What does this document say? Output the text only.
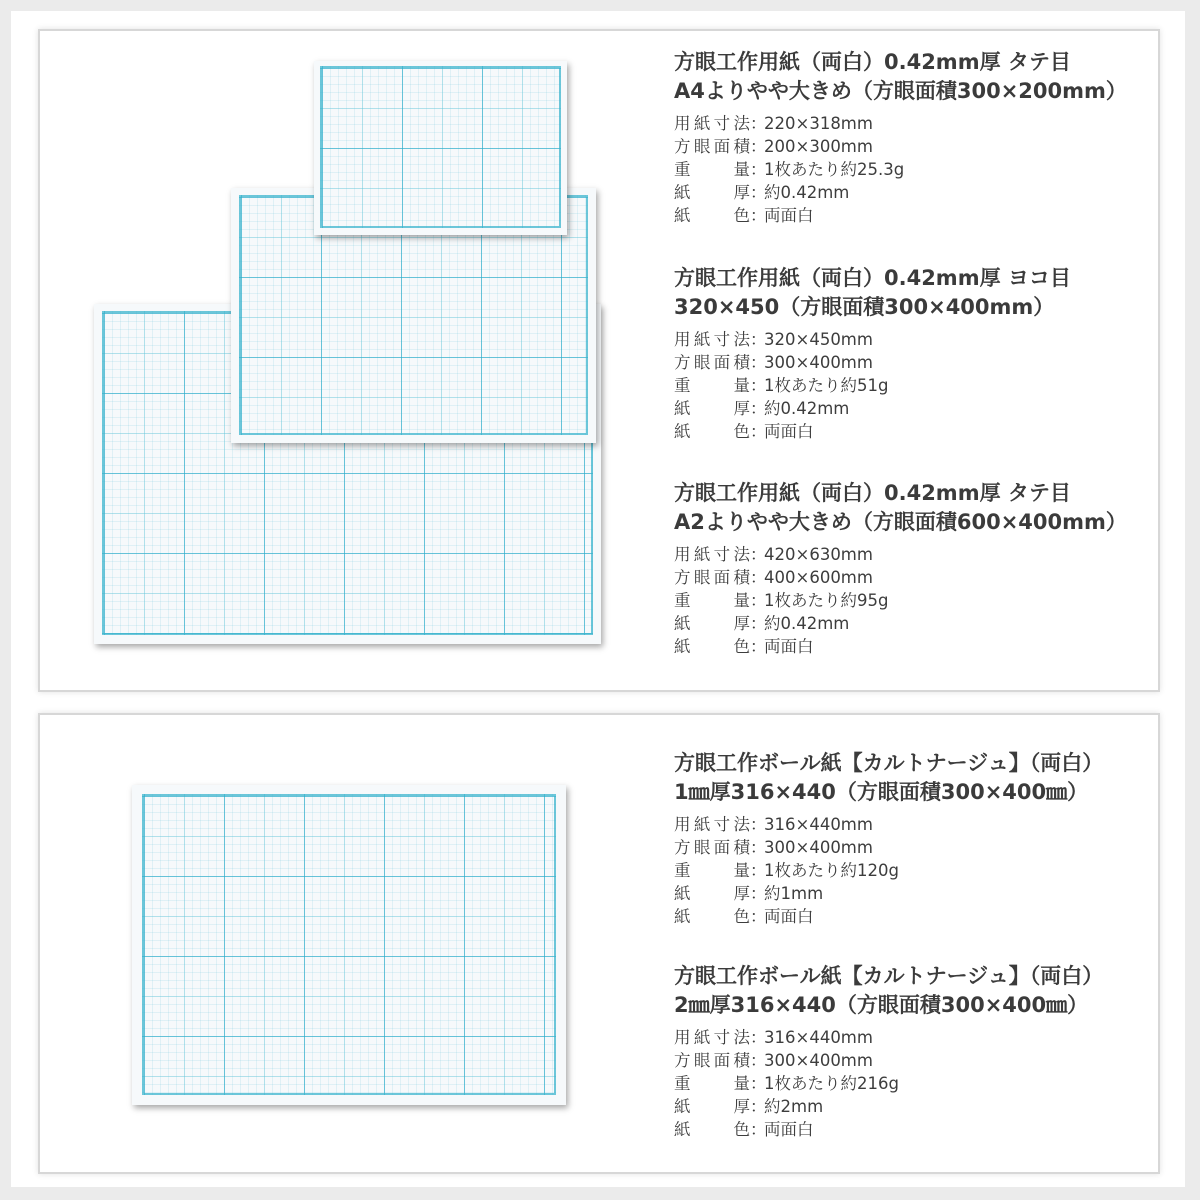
方眼工作用紙（両白）0.42mm厚 タテ目
A4よりやや大きめ（方眼面積300×200mm）
用紙寸法 ：
220×318mm
方眼面積 ：
200×300mm
重　量 ：
1枚あたり約25.3g
紙　厚 ：
約0.42mm
紙　色 ：
両面白
方眼工作用紙（両白）0.42mm厚 ヨコ目
320×450（方眼面積300×400mm）
用紙寸法 ：
320×450mm
方眼面積 ：
300×400mm
重　量 ：
1枚あたり約51g
紙　厚 ：
約0.42mm
紙　色 ：
両面白
方眼工作用紙（両白）0.42mm厚 タテ目
A2よりやや大きめ（方眼面積600×400mm）
用紙寸法 ：
420×630mm
方眼面積 ：
400×600mm
重　量 ：
1枚あたり約95g
紙　厚 ：
約0.42mm
紙　色 ：
両面白
方眼工作ボール紙【カルトナージュ】（両白）
1㎜厚316×440（方眼面積300×400㎜）
用紙寸法 ：
316×440mm
方眼面積 ：
300×400mm
重　量 ：
1枚あたり約120g
紙　厚 ：
約1mm
紙　色 ：
両面白
方眼工作ボール紙【カルトナージュ】（両白）
2㎜厚316×440（方眼面積300×400㎜）
用紙寸法 ：
316×440mm
方眼面積 ：
300×400mm
重　量 ：
1枚あたり約216g
紙　厚 ：
約2mm
紙　色 ：
両面白
